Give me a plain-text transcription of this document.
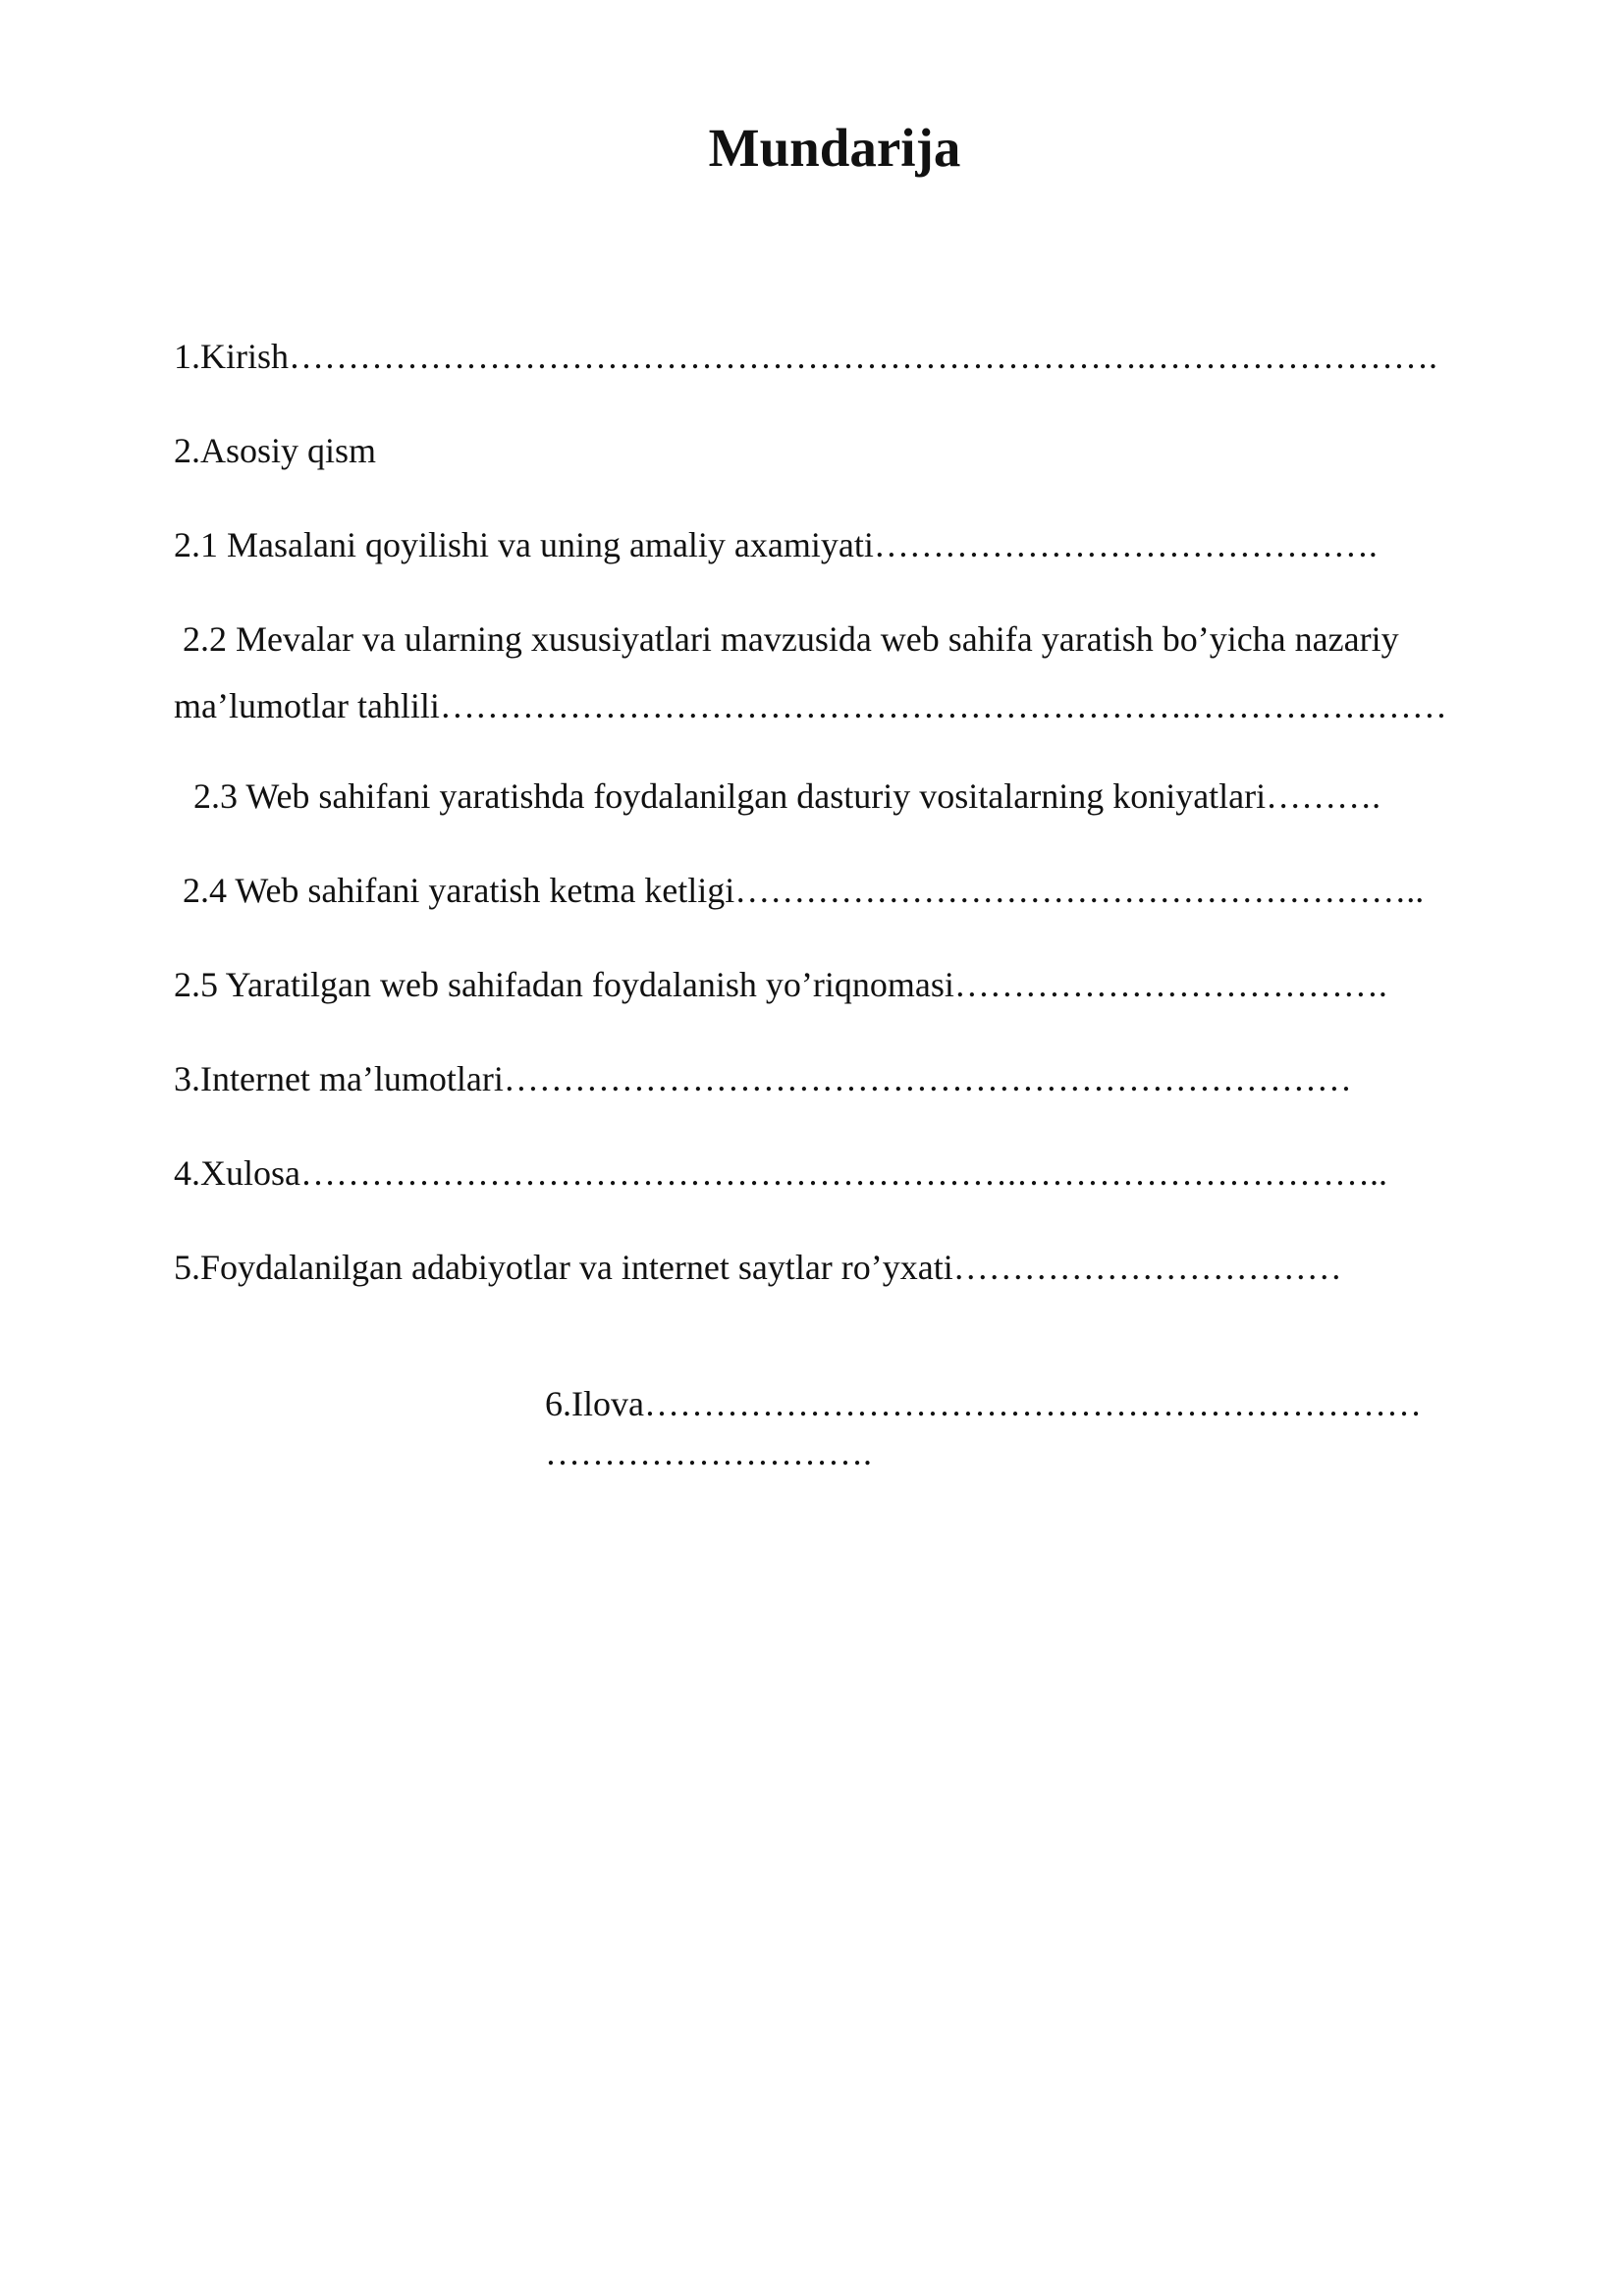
Mundarija
1.Kirish……………………………………………………………….…………………….
2.Asosiy qism
2.1 Masalani qoyilishi va uning amaliy axamiyati…………………………………….
2.2 Mevalar va ularning xususiyatlari mavzusida web sahifa yaratish bo’yicha nazariy
ma’lumotlar tahlili……………………………………………………….…………….……
2.3 Web sahifani yaratishda foydalanilgan dasturiy vositalarning koniyatlari……….
2.4 Web sahifani yaratish ketma ketligi…………………………………………………..
2.5 Yaratilgan web sahifadan foydalanish yo’riqnomasi……………………………….
3.Internet ma’lumotlari………………………………………………………………
4.Xulosa…………………………………………………….…………………………..
5.Foydalanilgan adabiyotlar va internet saytlar ro’yxati……………………………
6.Ilova…………………………………………………………
……………………….
